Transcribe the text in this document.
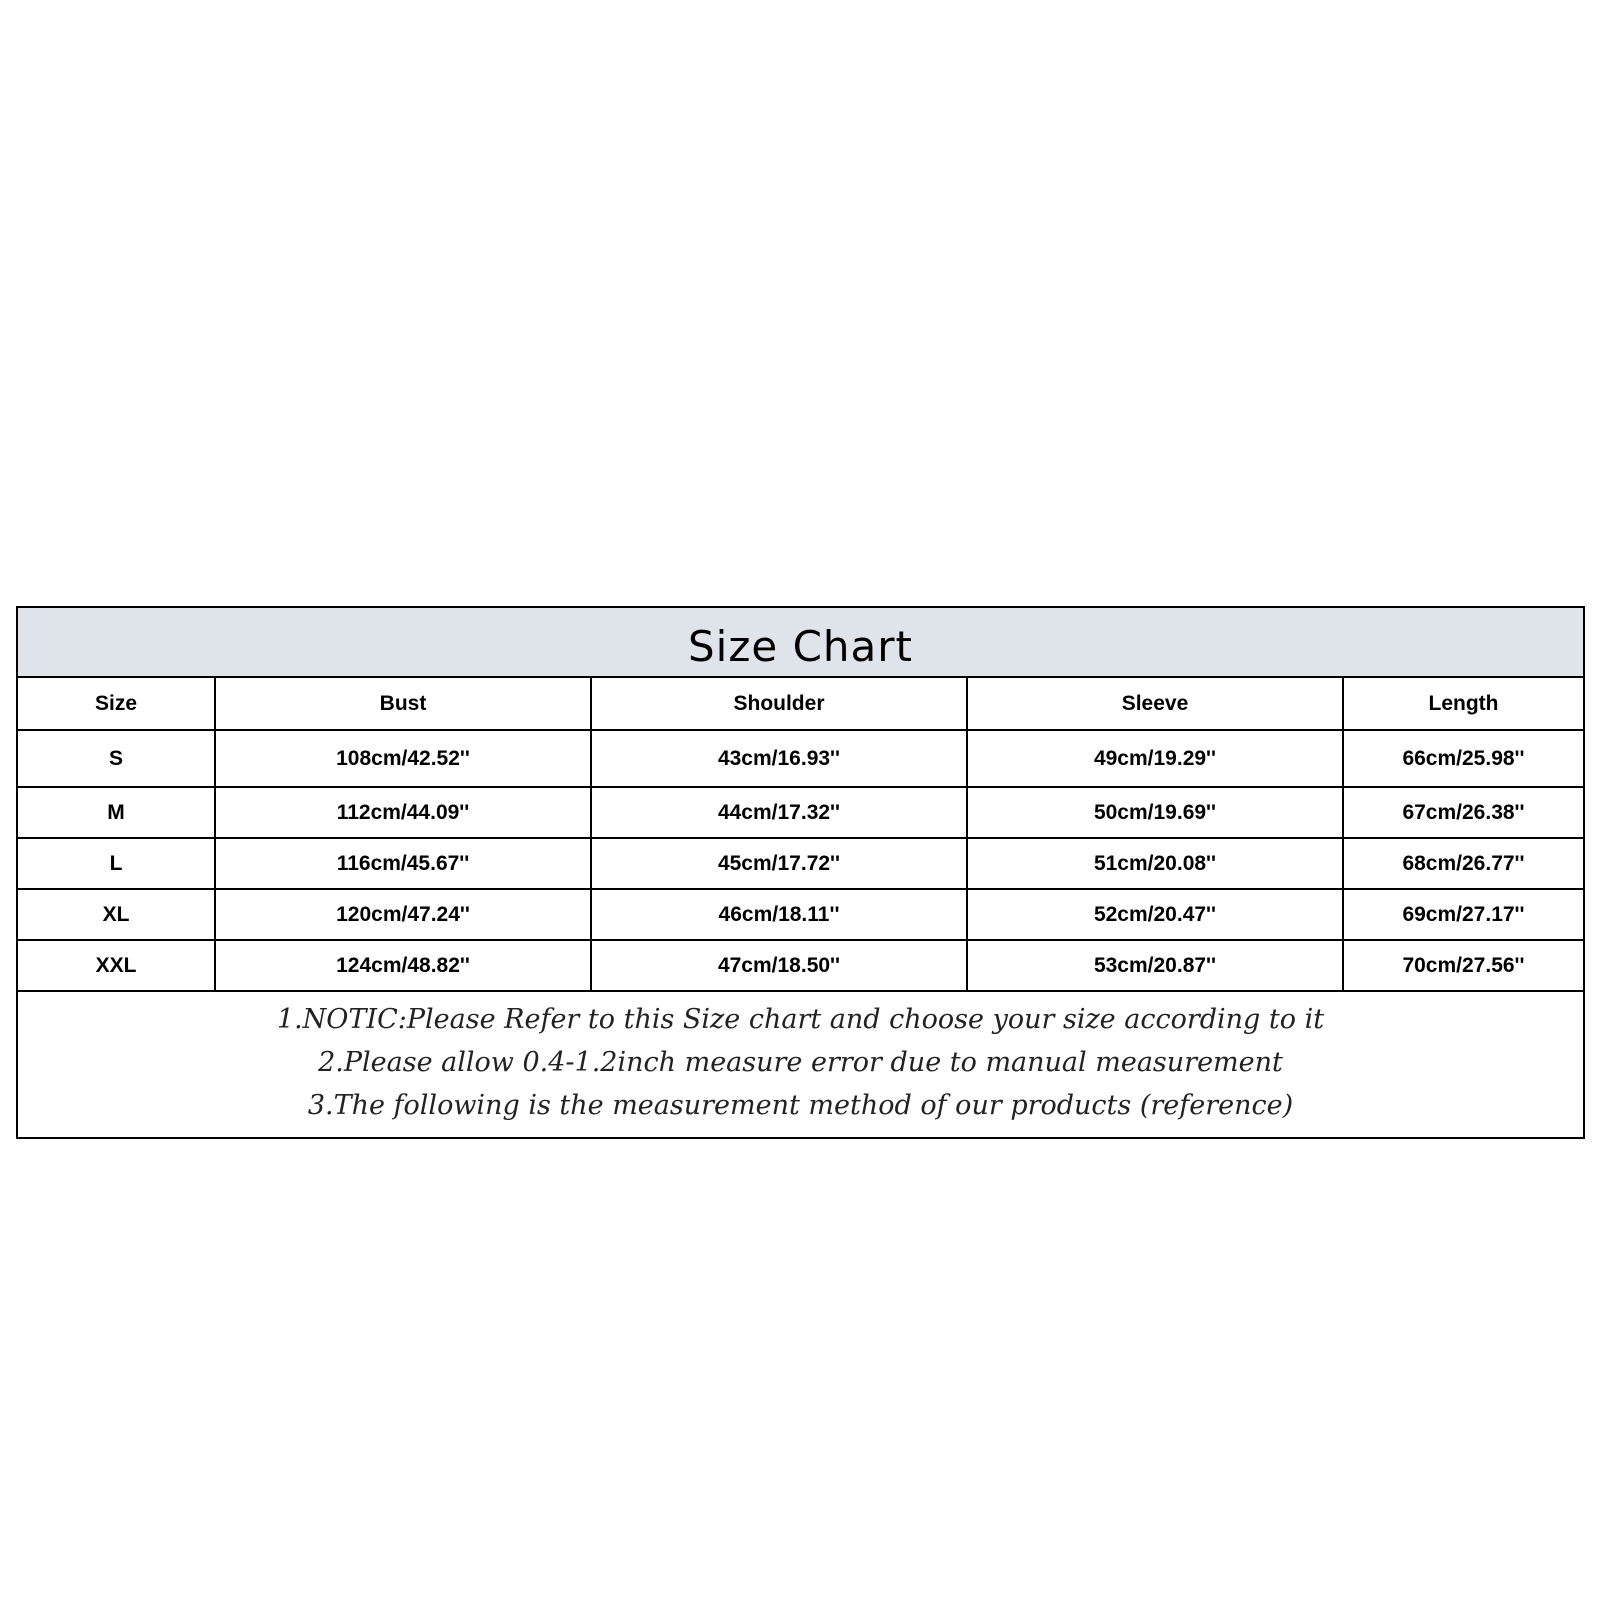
Size Chart
Size	Bust	Shoulder	Sleeve	Length
S	108cm/42.52''	43cm/16.93''	49cm/19.29''	66cm/25.98''
M	112cm/44.09''	44cm/17.32''	50cm/19.69''	67cm/26.38''
L	116cm/45.67''	45cm/17.72''	51cm/20.08''	68cm/26.77''
XL	120cm/47.24''	46cm/18.11''	52cm/20.47''	69cm/27.17''
XXL	124cm/48.82''	47cm/18.50''	53cm/20.87''	70cm/27.56''
1.NOTIC:Please Refer to this Size chart and choose your size according to it
2.Please allow 0.4-1.2inch measure error due to manual measurement
3.The following is the measurement method of our products (reference)
